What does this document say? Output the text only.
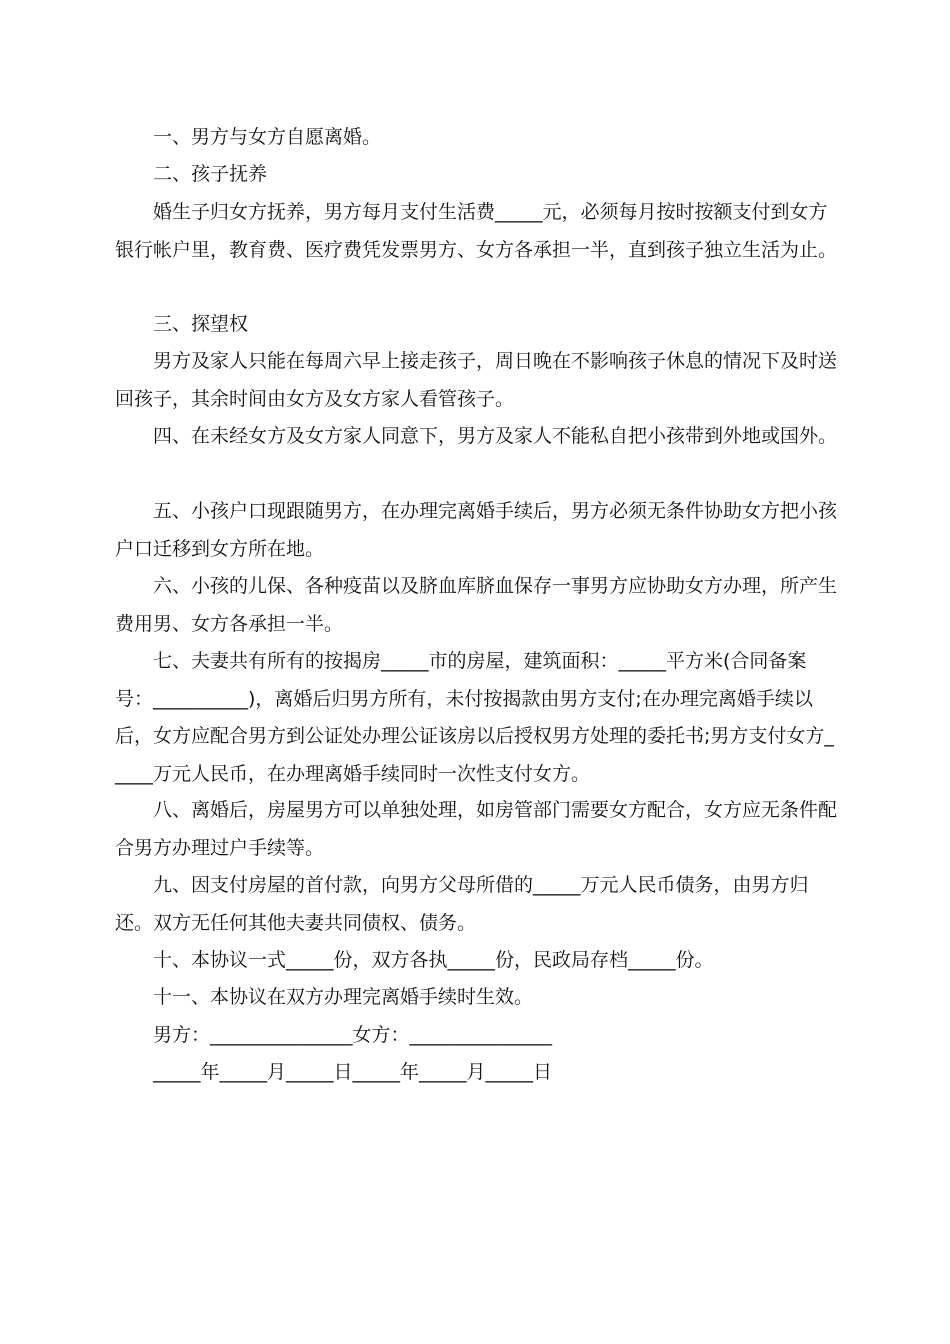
一、男方与女方自愿离婚。

二、孩子抚养

婚生子归女方抚养，男方每月支付生活费_____元，必须每月按时按额支付到女方银行帐户里，教育费、医疗费凭发票男方、女方各承担一半，直到孩子独立生活为止。

三、探望权

男方及家人只能在每周六早上接走孩子，周日晚在不影响孩子休息的情况下及时送回孩子，其余时间由女方及女方家人看管孩子。

四、在未经女方及女方家人同意下，男方及家人不能私自把小孩带到外地或国外。

五、小孩户口现跟随男方，在办理完离婚手续后，男方必须无条件协助女方把小孩户口迁移到女方所在地。

六、小孩的儿保、各种疫苗以及脐血库脐血保存一事男方应协助女方办理，所产生费用男、女方各承担一半。

七、夫妻共有所有的按揭房_____市的房屋，建筑面积：_____平方米(合同备案号：__________)，离婚后归男方所有，未付按揭款由男方支付;在办理完离婚手续以后，女方应配合男方到公证处办理公证该房以后授权男方处理的委托书;男方支付女方_____万元人民币，在办理离婚手续同时一次性支付女方。

八、离婚后，房屋男方可以单独处理，如房管部门需要女方配合，女方应无条件配合男方办理过户手续等。

九、因支付房屋的首付款，向男方父母所借的_____万元人民币债务，由男方归还。双方无任何其他夫妻共同债权、债务。

十、本协议一式_____份，双方各执_____份，民政局存档_____份。

十一、本协议在双方办理完离婚手续时生效。

男方：_______________女方：_______________

_____年_____月_____日_____年_____月_____日
